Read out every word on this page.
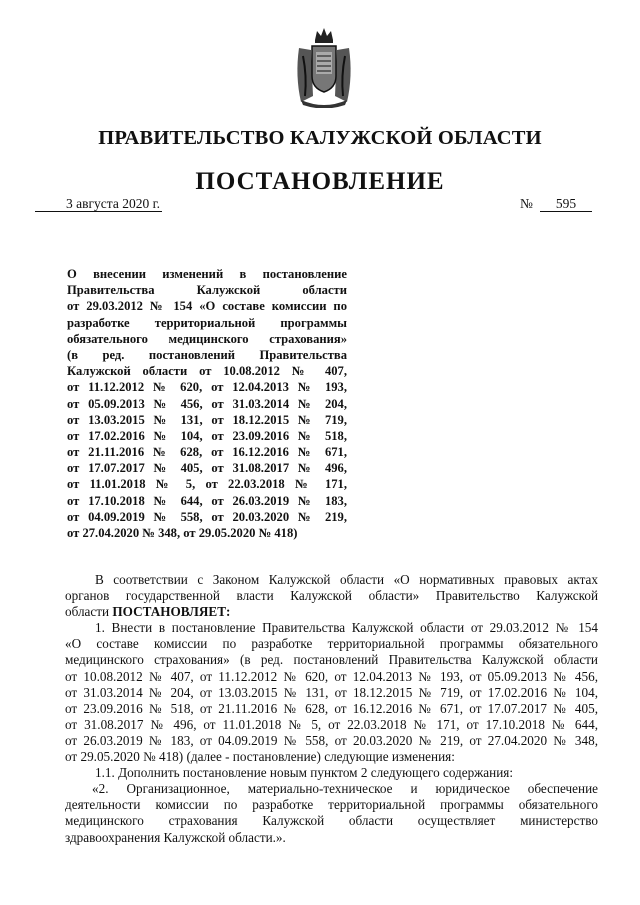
ПРАВИТЕЛЬСТВО КАЛУЖСКОЙ ОБЛАСТИ
ПОСТАНОВЛЕНИЕ
3 августа 2020 г.	№	595
О внесении изменений в постановление
Правительства Калужской области
от 29.03.2012 № 154 «О составе комиссии по
разработке территориальной программы
обязательного медицинского страхования»
(в ред. постановлений Правительства
Калужской области от 10.08.2012 № 407,
от 11.12.2012 № 620, от 12.04.2013 № 193,
от 05.09.2013 № 456, от 31.03.2014 № 204,
от 13.03.2015 № 131, от 18.12.2015 № 719,
от 17.02.2016 № 104, от 23.09.2016 № 518,
от 21.11.2016 № 628, от 16.12.2016 № 671,
от 17.07.2017 № 405, от 31.08.2017 № 496,
от 11.01.2018 № 5, от 22.03.2018 № 171,
от 17.10.2018 № 644, от 26.03.2019 № 183,
от 04.09.2019 № 558, от 20.03.2020 № 219,
от 27.04.2020 № 348, от 29.05.2020 № 418)
В соответствии с Законом Калужской области «О нормативных правовых актах
органов государственной власти Калужской области» Правительство Калужской
области ПОСТАНОВЛЯЕТ:
1. Внести в постановление Правительства Калужской области от 29.03.2012 № 154
«О составе комиссии по разработке территориальной программы обязательного
медицинского страхования» (в ред. постановлений Правительства Калужской области
от 10.08.2012 № 407, от 11.12.2012 № 620, от 12.04.2013 № 193, от 05.09.2013 № 456,
от 31.03.2014 № 204, от 13.03.2015 № 131, от 18.12.2015 № 719, от 17.02.2016 № 104,
от 23.09.2016 № 518, от 21.11.2016 № 628, от 16.12.2016 № 671, от 17.07.2017 № 405,
от 31.08.2017 № 496, от 11.01.2018 № 5, от 22.03.2018 № 171, от 17.10.2018 № 644,
от 26.03.2019 № 183, от 04.09.2019 № 558, от 20.03.2020 № 219, от 27.04.2020 № 348,
от 29.05.2020 № 418) (далее - постановление) следующие изменения:
1.1. Дополнить постановление новым пунктом 2 следующего содержания:
«2. Организационное, материально-техническое и юридическое обеспечение
деятельности комиссии по разработке территориальной программы обязательного
медицинского страхования Калужской области осуществляет министерство
здравоохранения Калужской области.».
